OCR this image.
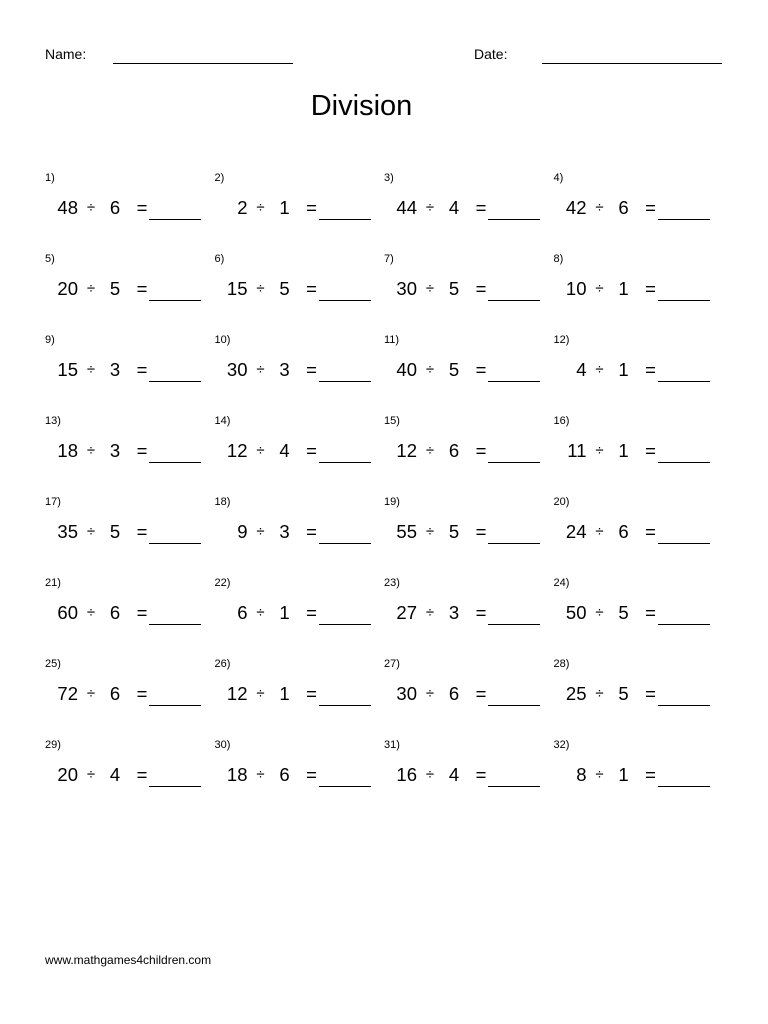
Name:	Date:
Division
1)
48 ÷ 6 =
2)
2 ÷ 1 =
3)
44 ÷ 4 =
4)
42 ÷ 6 =
5)
20 ÷ 5 =
6)
15 ÷ 5 =
7)
30 ÷ 5 =
8)
10 ÷ 1 =
9)
15 ÷ 3 =
10)
30 ÷ 3 =
11)
40 ÷ 5 =
12)
4 ÷ 1 =
13)
18 ÷ 3 =
14)
12 ÷ 4 =
15)
12 ÷ 6 =
16)
11 ÷ 1 =
17)
35 ÷ 5 =
18)
9 ÷ 3 =
19)
55 ÷ 5 =
20)
24 ÷ 6 =
21)
60 ÷ 6 =
22)
6 ÷ 1 =
23)
27 ÷ 3 =
24)
50 ÷ 5 =
25)
72 ÷ 6 =
26)
12 ÷ 1 =
27)
30 ÷ 6 =
28)
25 ÷ 5 =
29)
20 ÷ 4 =
30)
18 ÷ 6 =
31)
16 ÷ 4 =
32)
8 ÷ 1 =
www.mathgames4children.com
